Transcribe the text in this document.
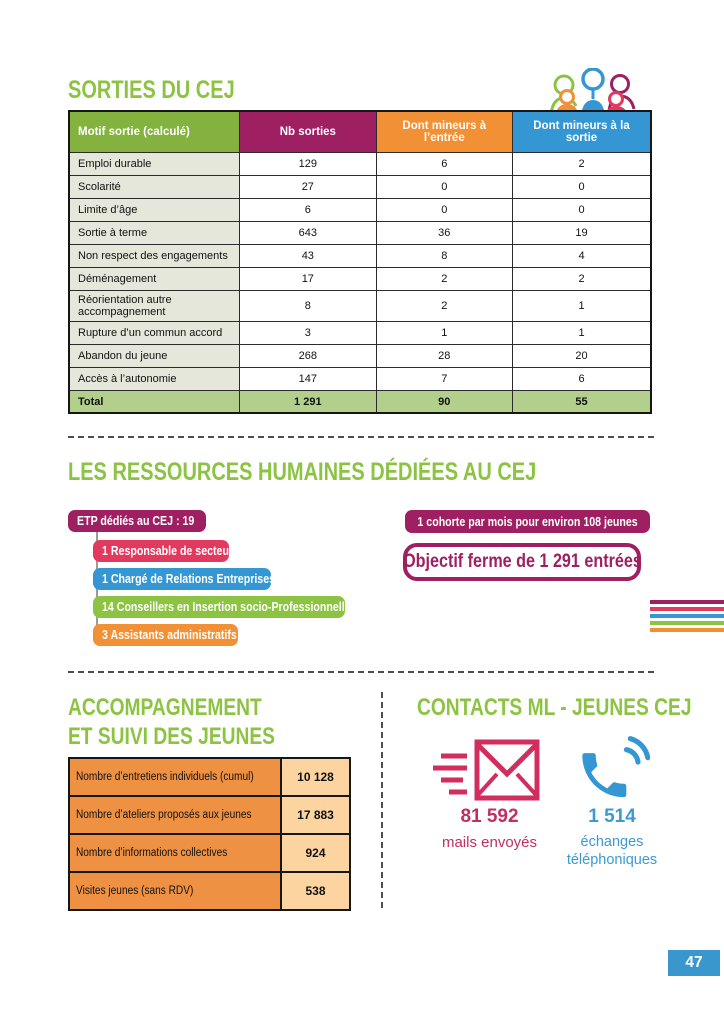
SORTIES DU CEJ
Motif sortie (calculé)	Nb sorties	Dont mineurs à l’entrée	Dont mineurs à la sortie
Emploi durable	129	6	2
Scolarité	27	0	0
Limite d’âge	6	0	0
Sortie à terme	643	36	19
Non respect des engagements	43	8	4
Déménagement	17	2	2
Réorientation autre accompagnement	8	2	1
Rupture d’un commun accord	3	1	1
Abandon du jeune	268	28	20
Accès à l’autonomie	147	7	6
Total	1 291	90	55
LES RESSOURCES HUMAINES DÉDIÉES AU CEJ
ETP dédiés au CEJ : 19
1 Responsable de secteur
1 Chargé de Relations Entreprises
14 Conseillers en Insertion socio-Professionnelle
3 Assistants administratifs
1 cohorte par mois pour environ 108 jeunes
Objectif ferme de 1 291 entrées
ACCOMPAGNEMENT
ET SUIVI DES JEUNES
Nombre d’entretiens individuels (cumul)	10 128
Nombre d’ateliers proposés aux jeunes	17 883
Nombre d’informations collectives	924
Visites jeunes (sans RDV)	538
CONTACTS ML - JEUNES CEJ
81 592
mails envoyés
1 514
échanges
téléphoniques
47
